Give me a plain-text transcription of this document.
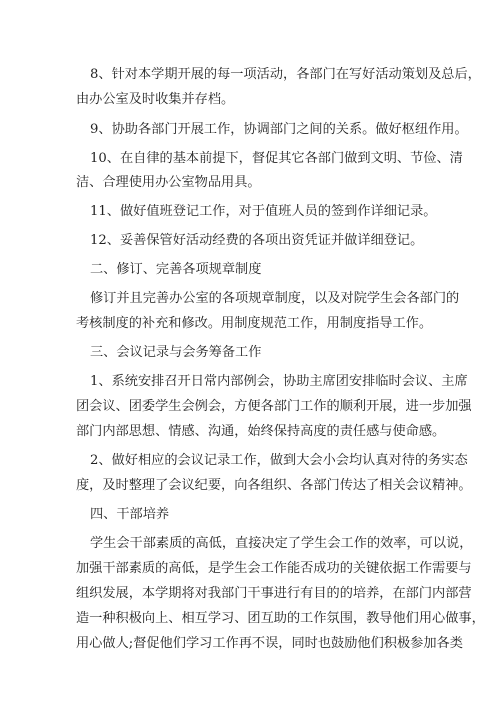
8、针对本学期开展的每一项活动，各部门在写好活动策划及总后，
由办公室及时收集并存档。
9、协助各部门开展工作，协调部门之间的关系。做好枢纽作用。
10、在自律的基本前提下，督促其它各部门做到文明、节俭、清
洁、合理使用办公室物品用具。
11、做好值班登记工作，对于值班人员的签到作详细记录。
12、妥善保管好活动经费的各项出资凭证并做详细登记。
二、修订、完善各项规章制度
修订并且完善办公室的各项规章制度，以及对院学生会各部门的
考核制度的补充和修改。用制度规范工作，用制度指导工作。
三、会议记录与会务筹备工作
1、系统安排召开日常内部例会，协助主席团安排临时会议、主席
团会议、团委学生会例会，方便各部门工作的顺利开展，进一步加强
部门内部思想、情感、沟通，始终保持高度的责任感与使命感。
2、做好相应的会议记录工作，做到大会小会均认真对待的务实态
度，及时整理了会议纪要，向各组织、各部门传达了相关会议精神。
四、干部培养
学生会干部素质的高低，直接决定了学生会工作的效率，可以说，
加强干部素质的高低，是学生会工作能否成功的关键依据工作需要与
组织发展，本学期将对我部门干事进行有目的的培养，在部门内部营
造一种积极向上、相互学习、团互助的工作氛围，教导他们用心做事，
用心做人;督促他们学习工作再不误，同时也鼓励他们积极参加各类
